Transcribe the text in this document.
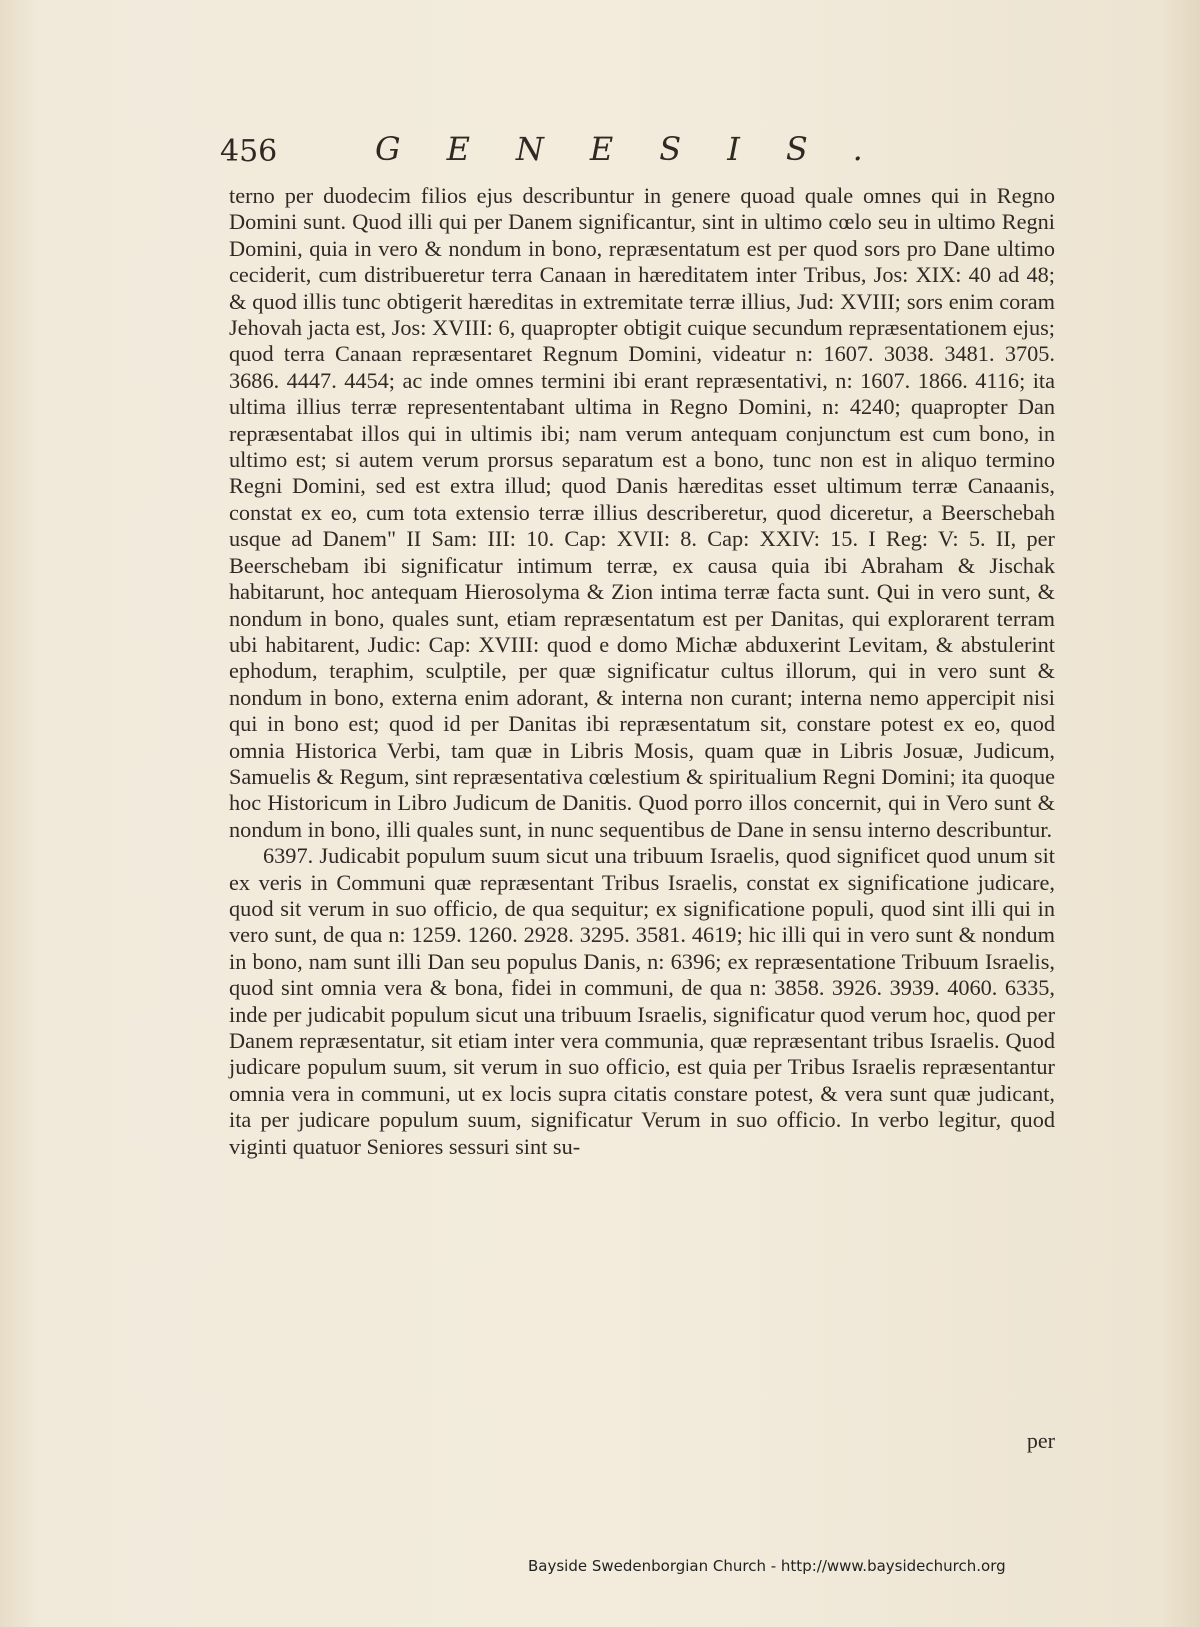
456	GENESIS.

terno per duodecim filios ejus describuntur in genere quoad quale omnes qui in Regno Domini sunt. Quod illi qui per Danem significantur, sint in ultimo cœlo seu in ultimo Regni Domini, quia in vero & nondum in bono, repræsentatum est per quod sors pro Dane ultimo ceciderit, cum distribueretur terra Canaan in hæreditatem inter Tribus, Jos: XIX: 40 ad 48; & quod illis tunc obtigerit hæreditas in extremitate terræ illius, Jud: XVIII; sors enim coram Jehovah jacta est, Jos: XVIII: 6, quapropter obtigit cuique secundum repræsentationem ejus; quod terra Canaan repræsentaret Regnum Domini, videatur n: 1607. 3038. 3481. 3705. 3686. 4447. 4454; ac inde omnes termini ibi erant repræsentativi, n: 1607. 1866. 4116; ita ultima illius terræ represententabant ultima in Regno Domini, n: 4240; quapropter Dan repræsentabat illos qui in ultimis ibi; nam verum antequam conjunctum est cum bono, in ultimo est; si autem verum prorsus separatum est a bono, tunc non est in aliquo termino Regni Domini, sed est extra illud; quod Danis hæreditas esset ultimum terræ Canaanis, constat ex eo, cum tota extensio terræ illius describeretur, quod diceretur, a Beerschebah usque ad Danem" II Sam: III: 10. Cap: XVII: 8. Cap: XXIV: 15. I Reg: V: 5. II, per Beerschebam ibi significatur intimum terræ, ex causa quia ibi Abraham & Jischak habitarunt, hoc antequam Hierosolyma & Zion intima terræ facta sunt. Qui in vero sunt, & nondum in bono, quales sunt, etiam repræsentatum est per Danitas, qui explorarent terram ubi habitarent, Judic: Cap: XVIII: quod e domo Michæ abduxerint Levitam, & abstulerint ephodum, teraphim, sculptile, per quæ significatur cultus illorum, qui in vero sunt & nondum in bono, externa enim adorant, & interna non curant; interna nemo appercipit nisi qui in bono est; quod id per Danitas ibi repræsentatum sit, constare potest ex eo, quod omnia Historica Verbi, tam quæ in Libris Mosis, quam quæ in Libris Josuæ, Judicum, Samuelis & Regum, sint repræsentativa cœlestium & spiritualium Regni Domini; ita quoque hoc Historicum in Libro Judicum de Danitis. Quod porro illos concernit, qui in Vero sunt & nondum in bono, illi quales sunt, in nunc sequentibus de Dane in sensu interno describuntur.

6397. Judicabit populum suum sicut una tribuum Israelis, quod significet quod unum sit ex veris in Communi quæ repræsentant Tribus Israelis, constat ex significatione judicare, quod sit verum in suo officio, de qua sequitur; ex significatione populi, quod sint illi qui in vero sunt, de qua n: 1259. 1260. 2928. 3295. 3581. 4619; hic illi qui in vero sunt & nondum in bono, nam sunt illi Dan seu populus Danis, n: 6396; ex repræsentatione Tribuum Israelis, quod sint omnia vera & bona, fidei in communi, de qua n: 3858. 3926. 3939. 4060. 6335, inde per judicabit populum sicut una tribuum Israelis, significatur quod verum hoc, quod per Danem repræsentatur, sit etiam inter vera communia, quæ repræsentant tribus Israelis. Quod judicare populum suum, sit verum in suo officio, est quia per Tribus Israelis repræsentantur omnia vera in communi, ut ex locis supra citatis constare potest, & vera sunt quæ judicant, ita per judicare populum suum, significatur Verum in suo officio. In verbo legitur, quod viginti quatuor Seniores sessuri sint su-

per
Bayside Swedenborgian Church - http://www.baysidechurch.org
